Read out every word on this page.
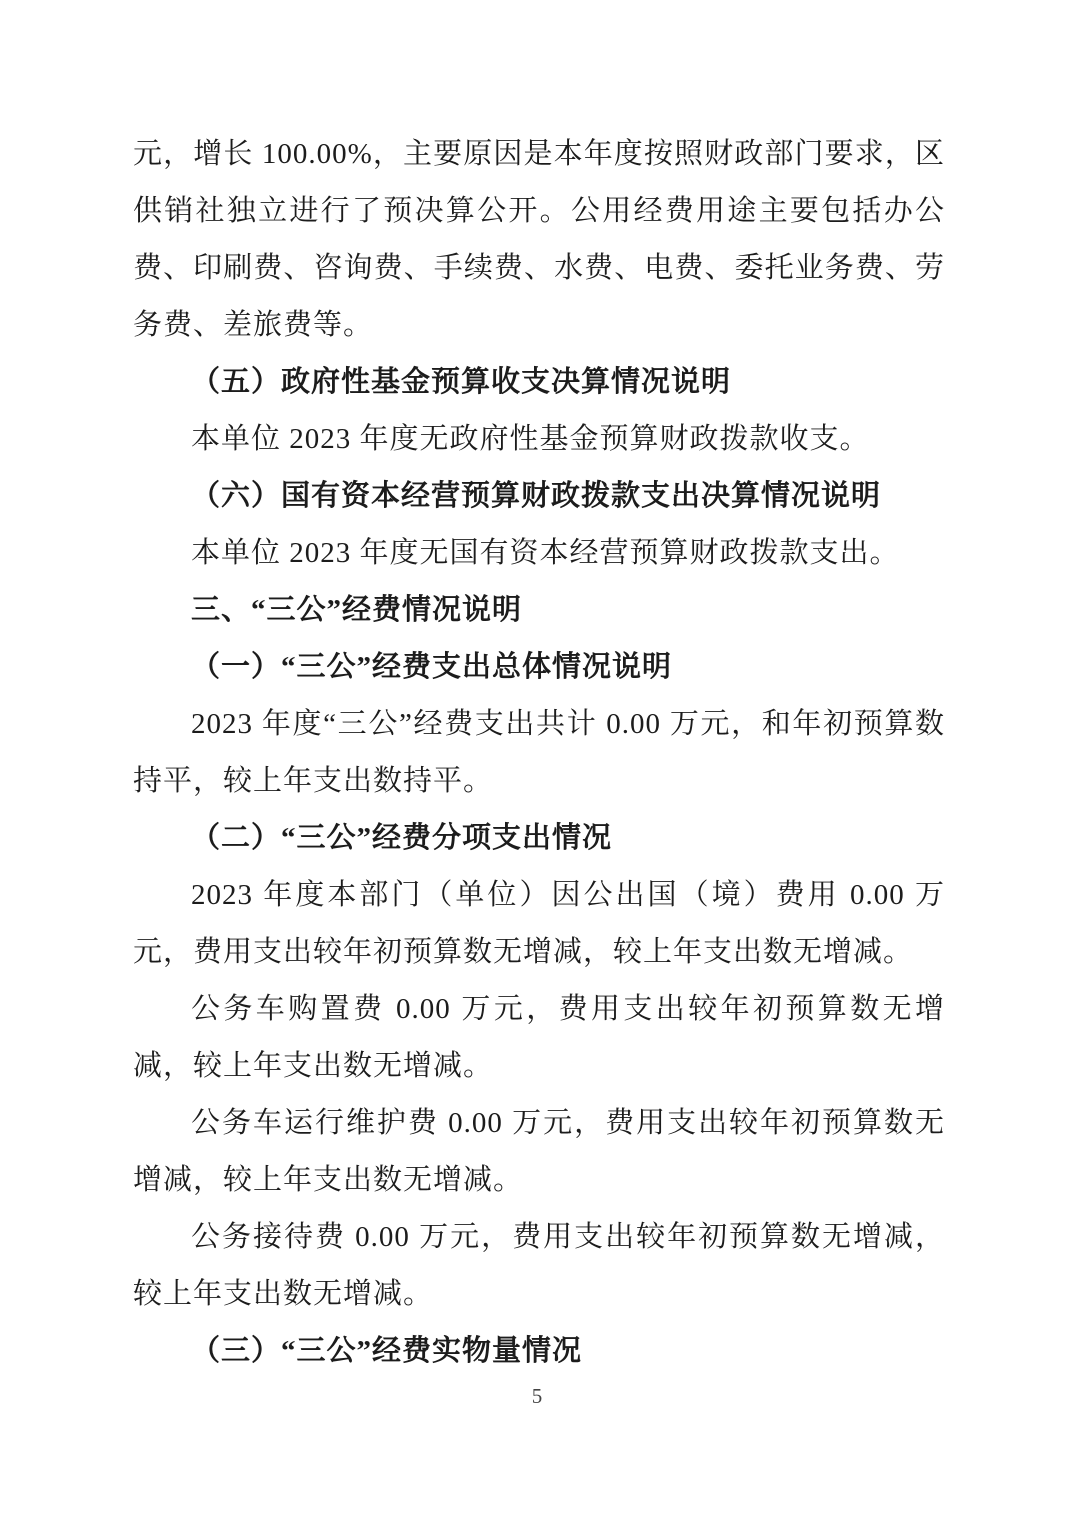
元，增长 100.00%，主要原因是本年度按照财政部门要求，区供销社独立进行了预决算公开。公用经费用途主要包括办公费、印刷费、咨询费、手续费、水费、电费、委托业务费、劳务费、差旅费等。

（五）政府性基金预算收支决算情况说明

本单位 2023 年度无政府性基金预算财政拨款收支。

（六）国有资本经营预算财政拨款支出决算情况说明

本单位 2023 年度无国有资本经营预算财政拨款支出。

三、“三公”经费情况说明

（一）“三公”经费支出总体情况说明

2023 年度“三公”经费支出共计 0.00 万元，和年初预算数持平，较上年支出数持平。

（二）“三公”经费分项支出情况

2023 年度本部门（单位）因公出国（境）费用 0.00 万元，费用支出较年初预算数无增减，较上年支出数无增减。

公务车购置费 0.00 万元，费用支出较年初预算数无增减，较上年支出数无增减。

公务车运行维护费 0.00 万元，费用支出较年初预算数无增减，较上年支出数无增减。

公务接待费 0.00 万元，费用支出较年初预算数无增减，较上年支出数无增减。

（三）“三公”经费实物量情况

5
